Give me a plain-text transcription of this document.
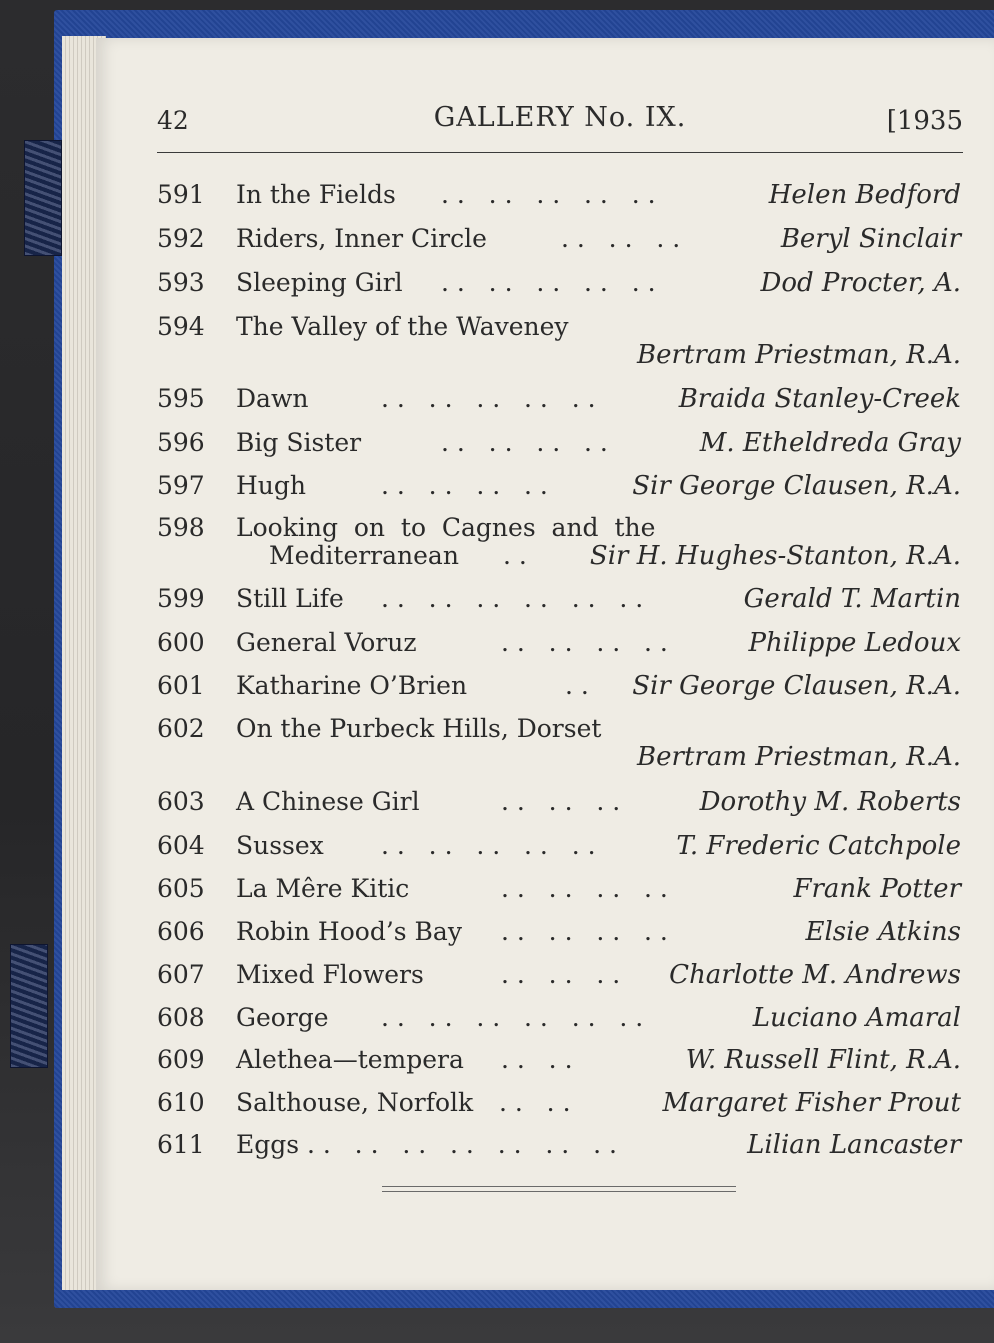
42	GALLERY No. IX.	[1935
591 In the Fields . .   . .   . .   . .   . .	Helen Bedford
592 Riders, Inner Circle	. .   . .   . .	Beryl Sinclair
593 Sleeping Girl . .   . .   . .   . .   . .	Dod Procter, A.
594 The Valley of the Waveney
Bertram Priestman, R.A.
595 Dawn	. .   . .   . .   . .   . .	Braida Stanley-Creek
596 Big Sister	. .   . .   . .   . .	M. Etheldreda Gray
597 Hugh	. .   . .   . .   . .	Sir George Clausen, R.A.
598 Looking  on  to  Cagnes  and  the
Mediterranean . . Sir H. Hughes-Stanton, R.A.
599 Still Life . .   . .   . .   . .   . .   . .	Gerald T. Martin
600 General Voruz	. .   . .   . .   . .	Philippe Ledoux
601 Katharine O’Brien	. . Sir George Clausen, R.A.
602 On the Purbeck Hills, Dorset
Bertram Priestman, R.A.
603 A Chinese Girl	. .   . .   . .	Dorothy M. Roberts
604 Sussex . .   . .   . .   . .   . .	T. Frederic Catchpole
605 La Mêre Kitic	. .   . .   . .   . .	Frank Potter
606 Robin Hood’s Bay . .   . .   . .   . .	Elsie Atkins
607 Mixed Flowers	. .   . .   . . Charlotte M. Andrews
608 George . .   . .   . .   . .   . .   . .	Luciano Amaral
609 Alethea—tempera . .   . .	W. Russell Flint, R.A.
610 Salthouse, Norfolk . .   . .	Margaret Fisher Prout
611 Eggs . .   . .   . .   . .   . .   . .   . .	Lilian Lancaster
